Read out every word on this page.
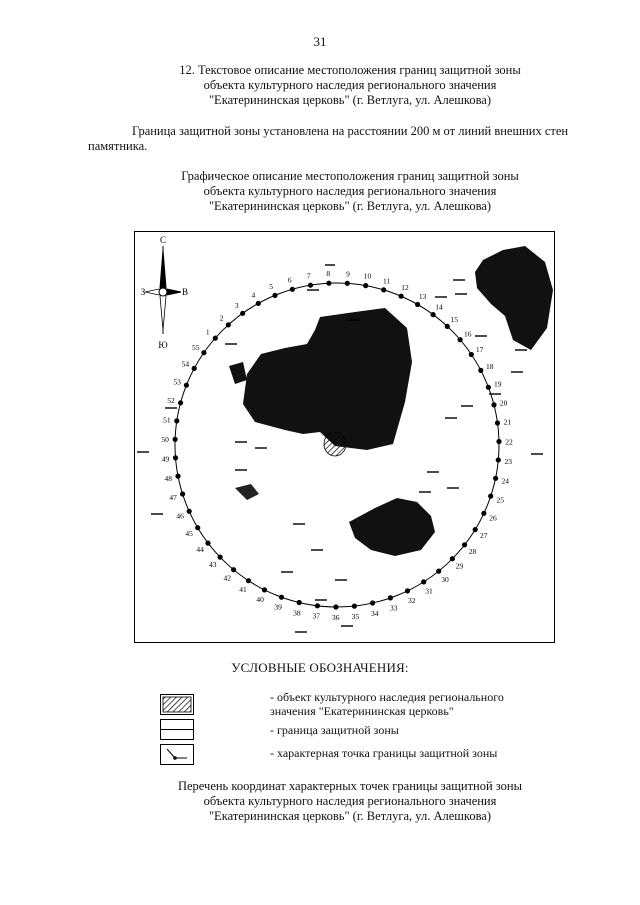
31
12. Текстовое описание местоположения границ защитной зоны
объекта культурного наследия регионального значения
"Екатерининская церковь" (г. Ветлуга, ул. Алешкова)
Граница защитной зоны установлена на расстоянии 200 м от линий внешних стен памятника.
Графическое описание местоположения границ защитной зоны
объекта культурного наследия регионального значения
"Екатерининская церковь" (г. Ветлуга, ул. Алешкова)
С
Ю
З	В
1
2
3
4
5
6 7 8 9 10
11
12
13
14
15
16
17
18
19
20
21
22
23
24
25
26
27
28
29
30
31
32
33
34
35
36
37
38
39
40
41
42
43
44
45
46
47
48
49
50
51
52
53
54
55
УСЛОВНЫЕ ОБОЗНАЧЕНИЯ:
- объект культурного наследия регионального
значения "Екатерининская церковь"
- граница защитной зоны
- характерная точка границы защитной зоны
Перечень координат характерных точек границы защитной зоны
объекта культурного наследия регионального значения
"Екатерининская церковь" (г. Ветлуга, ул. Алешкова)
